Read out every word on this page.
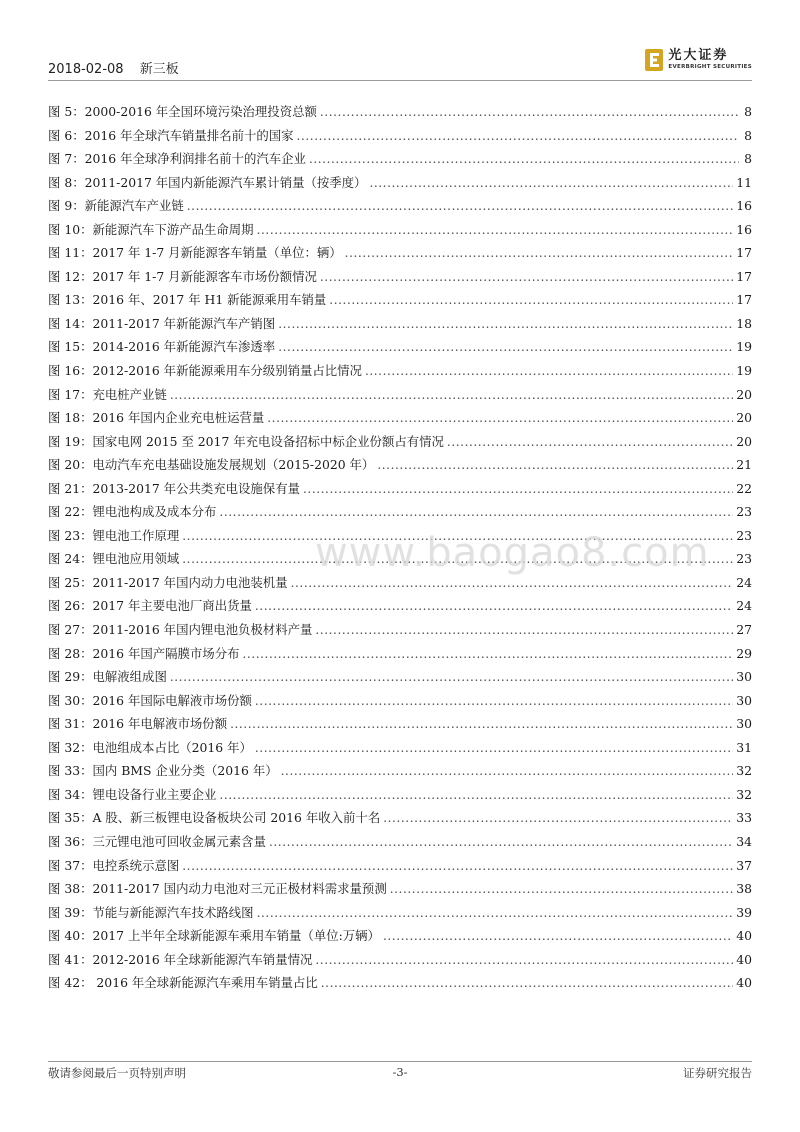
2018-02-08 新三板
光大证券
EVERBRIGHT SECURITIES
图 5：2000-2016 年全国环境污染治理投资总额 .....	8
图 6：2016 年全球汽车销量排名前十的国家 .....	8
图 7：2016 年全球净利润排名前十的汽车企业 .....	8
图 8：2011-2017 年国内新能源汽车累计销量（按季度） .....	11
图 9：新能源汽车产业链 .....	16
图 10：新能源汽车下游产品生命周期 .....	16
图 11：2017 年 1-7 月新能源客车销量（单位：辆） .....	17
图 12：2017 年 1-7 月新能源客车市场份额情况 .....	17
图 13：2016 年、2017 年 H1 新能源乘用车销量 .....	17
图 14：2011-2017 年新能源汽车产销图 .....	18
图 15：2014-2016 年新能源汽车渗透率 .....	19
图 16：2012-2016 年新能源乘用车分级别销量占比情况 .....	19
图 17：充电桩产业链 .....	20
图 18：2016 年国内企业充电桩运营量 .....	20
图 19：国家电网 2015 至 2017 年充电设备招标中标企业份额占有情况 .....	20
图 20：电动汽车充电基础设施发展规划（2015-2020 年） .....	21
图 21：2013-2017 年公共类充电设施保有量 .....	22
图 22：锂电池构成及成本分布 .....	23
图 23：锂电池工作原理 .....	23
图 24：锂电池应用领域 .....	23
图 25：2011-2017 年国内动力电池装机量 .....	24
图 26：2017 年主要电池厂商出货量 .....	24
图 27：2011-2016 年国内锂电池负极材料产量 .....	27
图 28：2016 年国产隔膜市场分布 .....	29
图 29：电解液组成图 .....	30
图 30：2016 年国际电解液市场份额 .....	30
图 31：2016 年电解液市场份额 .....	30
图 32：电池组成本占比（2016 年） .....	31
图 33：国内 BMS 企业分类（2016 年） .....	32
图 34：锂电设备行业主要企业 .....	32
图 35：A 股、新三板锂电设备板块公司 2016 年收入前十名 .....	33
图 36：三元锂电池可回收金属元素含量 .....	34
图 37：电控系统示意图 .....	37
图 38：2011-2017 国内动力电池对三元正极材料需求量预测 .....	38
图 39：节能与新能源汽车技术路线图 .....	39
图 40：2017 上半年全球新能源车乘用车销量（单位:万辆） .....	40
图 41：2012-2016 年全球新能源汽车销量情况 .....	40
图 42： 2016 年全球新能源汽车乘用车销量占比 .....	40
www.baogao8.com
敬请参阅最后一页特别声明	-3-	证券研究报告
